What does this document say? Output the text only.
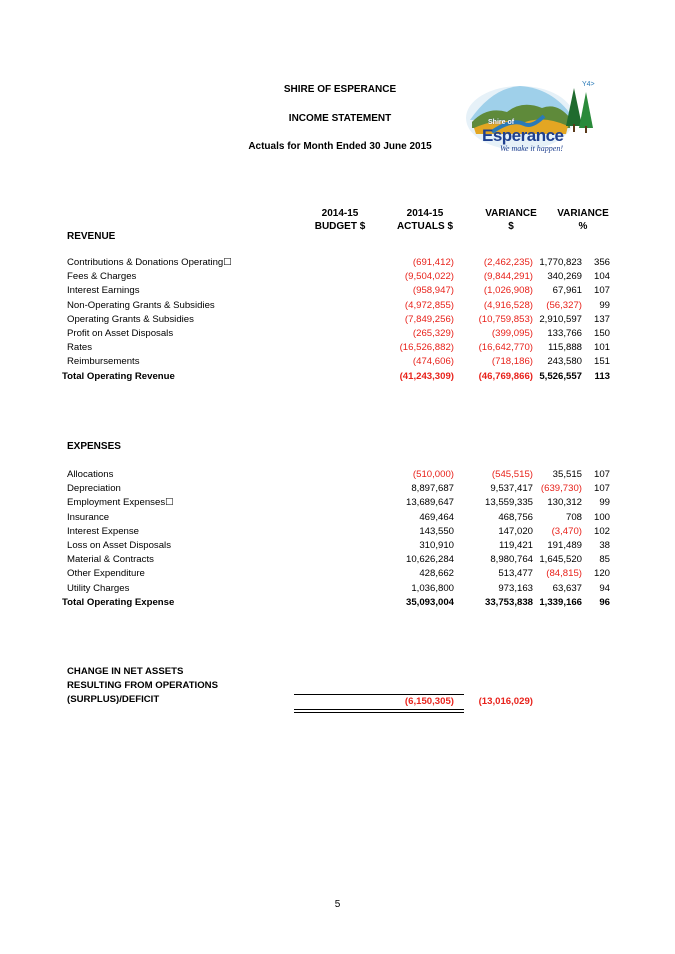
SHIRE OF ESPERANCE
INCOME STATEMENT
Actuals for Month Ended 30 June 2015
Y4>
Shire of
Esperance
We make it happen!
2014-15
BUDGET $
2014-15
ACTUALS $
VARIANCE
$
VARIANCE
%
REVENUE
Contributions & Donations Operating☐	(691,412)	(2,462,235) 1,770,823 356
Fees & Charges	(9,504,022)	(9,844,291) 340,269 104
Interest Earnings	(958,947)	(1,026,908) 67,961 107
Non-Operating Grants & Subsidies	(4,972,855)	(4,916,528) (56,327) 99
Operating Grants & Subsidies	(7,849,256)	(10,759,853) 2,910,597 137
Profit on Asset Disposals	(265,329)	(399,095) 133,766 150
Rates	(16,526,882)	(16,642,770) 115,888 101
Reimbursements	(474,606)	(718,186) 243,580 151
Total Operating Revenue	(41,243,309)	(46,769,866) 5,526,557 113
EXPENSES
Allocations	(510,000)	(545,515) 35,515 107
Depreciation	8,897,687	9,537,417 (639,730) 107
Employment Expenses☐	13,689,647	13,559,335 130,312 99
Insurance	469,464	468,756	708 100
Interest Expense	143,550	147,020 (3,470) 102
Loss on Asset Disposals	310,910	119,421 191,489 38
Material & Contracts	10,626,284	8,980,764 1,645,520 85
Other Expenditure	428,662	513,477 (84,815) 120
Utility Charges	1,036,800	973,163 63,637 94
Total Operating Expense	35,093,004	33,753,838 1,339,166 96
CHANGE IN NET ASSETS
RESULTING FROM OPERATIONS
(SURPLUS)/DEFICIT	(6,150,305)	(13,016,029)
5
